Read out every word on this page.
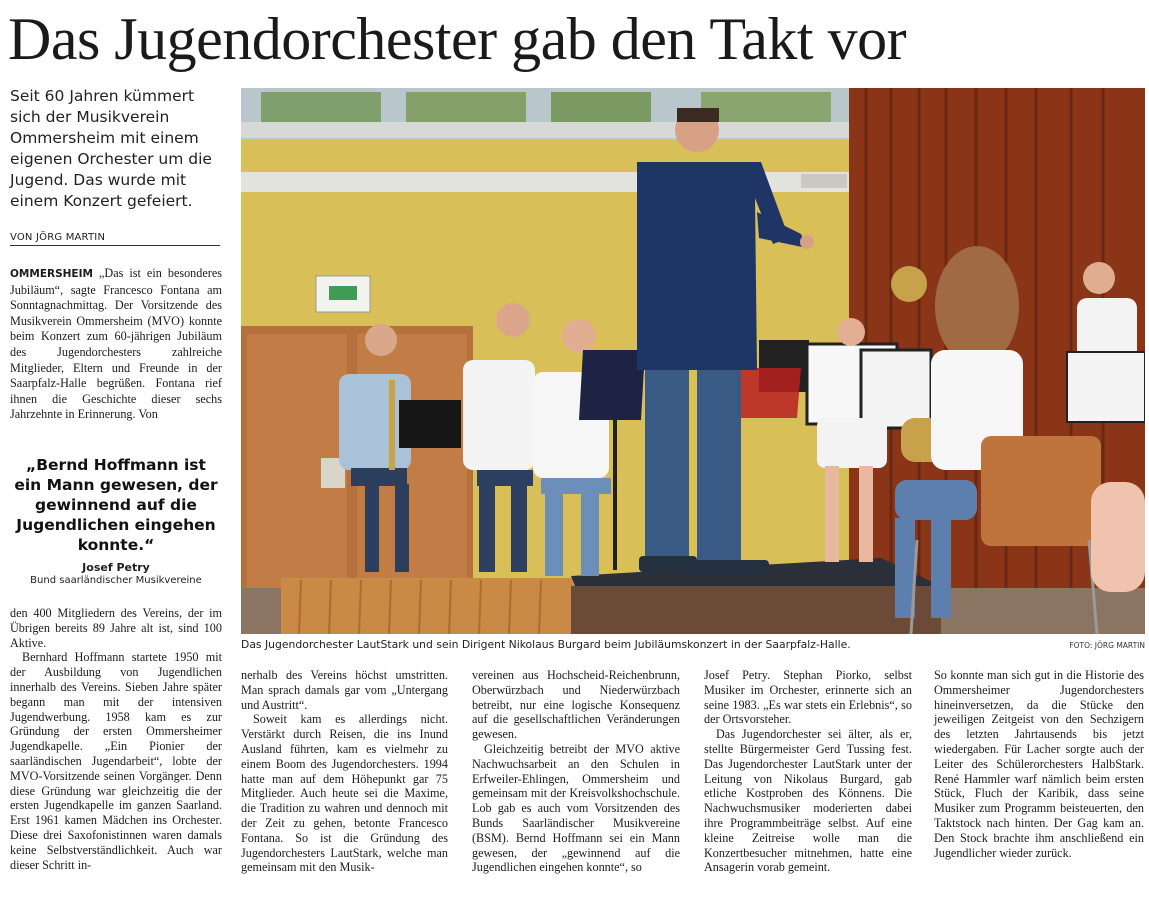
Das Jugendorchester gab den Takt vor
Seit 60 Jahren kümmert sich der Musikverein Ommersheim mit einem eigenen Orchester um die Jugend. Das wurde mit einem Konzert gefeiert.
VON JÖRG MARTIN

OMMERSHEIM „Das ist ein besonderes Jubiläum“, sagte Francesco Fontana am Sonntagnachmittag. Der Vorsitzende des Musikverein Ommersheim (MVO) konnte beim Konzert zum 60-jährigen Jubiläum des Jugendorchesters zahlreiche Mitglieder, Eltern und Freunde in der Saarpfalz-Halle begrüßen. Fontana rief ihnen die Geschichte dieser sechs Jahrzehnte in Erinnerung. Von

„Bernd Hoffmann ist ein Mann gewesen, der gewinnend auf die Jugendlichen eingehen konnte.“
Josef Petry
Bund saarländischer Musikvereine

den 400 Mitgliedern des Vereins, der im Übrigen bereits 89 Jahre alt ist, sind 100 Aktive.

Bernhard Hoffmann startete 1950 mit der Ausbildung von Jugendlichen innerhalb des Vereins. Sieben Jahre später begann man mit der intensiven Jugendwerbung. 1958 kam es zur Gründung der ersten Ommersheimer Jugendkapelle. „Ein Pionier der saarländischen Jugendarbeit“, lobte der MVO-Vorsitzende seinen Vorgänger. Denn diese Gründung war gleichzeitig die der ersten Jugendkapelle im ganzen Saarland. Erst 1961 kamen Mädchen ins Orchester. Diese drei Saxofonistinnen waren damals keine Selbstverständlichkeit. Auch war dieser Schritt in-

Das Jugendorchester LautStark und sein Dirigent Nikolaus Burgard beim Jubiläumskonzert in der Saarpfalz-Halle.	FOTO: JÖRG MARTIN

nerhalb des Vereins höchst umstritten. Man sprach damals gar vom „Untergang und Austritt“.

Soweit kam es allerdings nicht. Verstärkt durch Reisen, die ins Inund Ausland führten, kam es vielmehr zu einem Boom des Jugendorchesters. 1994 hatte man auf dem Höhepunkt gar 75 Mitglieder. Auch heute sei die Maxime, die Tradition zu wahren und dennoch mit der Zeit zu gehen, betonte Francesco Fontana. So ist die Gründung des Jugendorchesters LautStark, welche man gemeinsam mit den Musik-

vereinen aus Hochscheid-Reichenbrunn, Oberwürzbach und Niederwürzbach betreibt, nur eine logische Konsequenz auf die gesellschaftlichen Veränderungen gewesen.

Gleichzeitig betreibt der MVO aktive Nachwuchsarbeit an den Schulen in Erfweiler-Ehlingen, Ommersheim und gemeinsam mit der Kreisvolkshochschule. Lob gab es auch vom Vorsitzenden des Bunds Saarländischer Musikvereine (BSM). Bernd Hoffmann sei ein Mann gewesen, der „gewinnend auf die Jugendlichen eingehen konnte“, so

Josef Petry. Stephan Piorko, selbst Musiker im Orchester, erinnerte sich an seine 1983. „Es war stets ein Erlebnis“, so der Ortsvorsteher.

Das Jugendorchester sei älter, als er, stellte Bürgermeister Gerd Tussing fest. Das Jugendorchester LautStark unter der Leitung von Nikolaus Burgard, gab etliche Kostproben des Könnens. Die Nachwuchsmusiker moderierten dabei ihre Programmbeiträge selbst. Auf eine kleine Zeitreise wolle man die Konzertbesucher mitnehmen, hatte eine Ansagerin vorab gemeint.

So konnte man sich gut in die Historie des Ommersheimer Jugendorchesters hineinversetzen, da die Stücke den jeweiligen Zeitgeist von den Sechzigern des letzten Jahrtausends bis jetzt wiedergaben. Für Lacher sorgte auch der Leiter des Schülerorchesters HalbStark. René Hammler warf nämlich beim ersten Stück, Fluch der Karibik, dass seine Musiker zum Programm beisteuerten, den Taktstock nach hinten. Der Gag kam an. Den Stock brachte ihm anschließend ein Jugendlicher wieder zurück.
